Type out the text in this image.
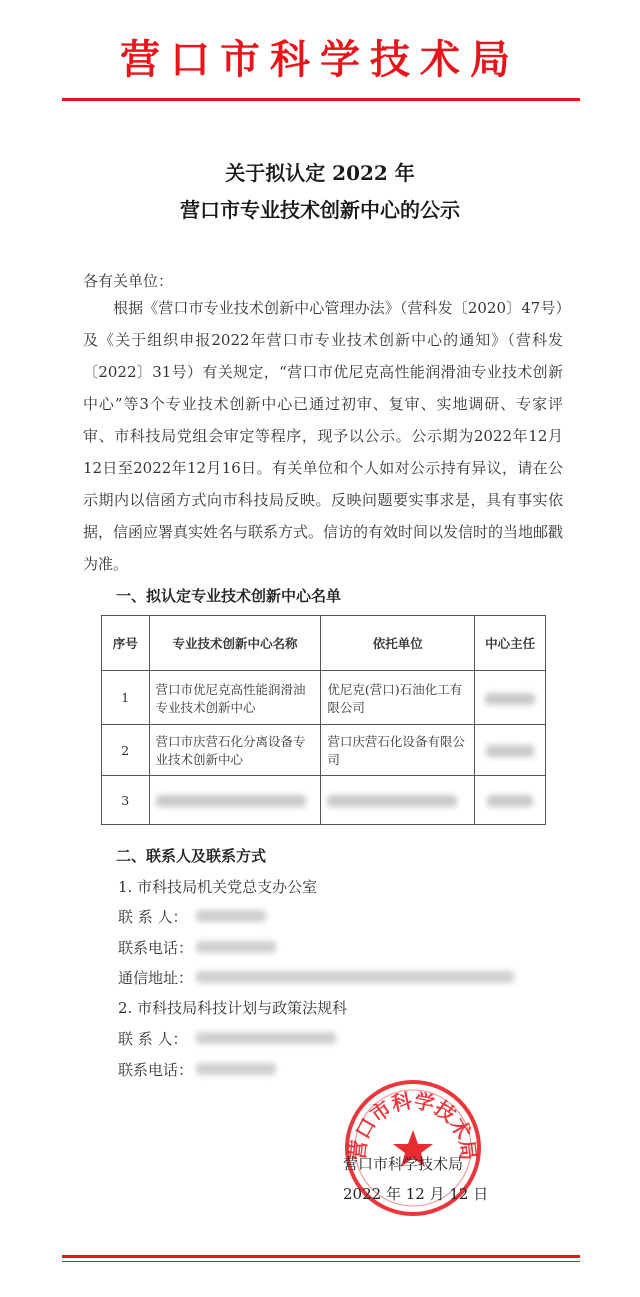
营口市科学技术局
关于拟认定 2022 年
营口市专业技术创新中心的公示
各有关单位：
根据《营口市专业技术创新中心管理办法》（营科发〔2020〕47号）及《关于组织申报2022年营口市专业技术创新中心的通知》（营科发〔2022〕31号）有关规定，“营口市优尼克高性能润滑油专业技术创新中心”等3个专业技术创新中心已通过初审、复审、实地调研、专家评审、市科技局党组会审定等程序，现予以公示。公示期为2022年12月12日至2022年12月16日。有关单位和个人如对公示持有异议，请在公示期内以信函方式向市科技局反映。反映问题要实事求是，具有事实依据，信函应署真实姓名与联系方式。信访的有效时间以发信时的当地邮戳为准。
一、拟认定专业技术创新中心名单
序号	专业技术创新中心名称	依托单位	中心主任
1	营口市优尼克高性能润滑油专业技术创新中心	优尼克(营口)石油化工有限公司	
2	营口市庆营石化分离设备专业技术创新中心	营口庆营石化设备有限公司	
3			
二、联系人及联系方式
1. 市科技局机关党总支办公室
联 系 人：
联系电话：
通信地址：
2. 市科技局科技计划与政策法规科
联 系 人：
联系电话：
营口市科学技术局
营口市科学技术局
2022 年 12 月 12 日
